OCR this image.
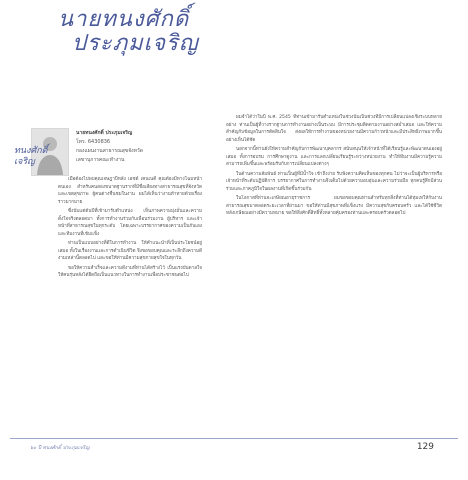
นายทนงศักดิ์
ประภุมเจริญ
ทนงศักดิ์
เจริญ
นายทนงศักดิ์ ประภุมเจริญ
โทร. 6430836
กองแผนงานสาธารณสุขจังหวัด
เลขานุการคณะทำงาน

เมื่อต้องไปพบคุณเจษฎาปีหลัง เอชด์ เคนเนดี้ คุณต้องมีทางโฉมหน้าตนเอง สำหรับคนสองขนาดฐานรากที่มีชื่อเสียงทางสาธารณสุขที่จังหวัดและเขตสุขภาพ ผู้คนต่างชื่นชมในงาน ผมได้เห็นว่างานท้าทายด้วยเรื่องราวมากมาย

ซึ่งนับแต่ต้นปีที่เข้ามารับตำแหน่ง เห็นภาพความมุ่งมั่นและความตั้งใจจริงตลอดมา ทั้งการทำงานร่วมกับเพื่อนร่วมงาน ผู้บริหาร และเจ้าหน้าที่สาธารณสุขในทุกระดับ โดยเฉพาะบรรยากาศของความเป็นกันเองและทีมงานที่เข้มแข็ง

ท่านเป็นแบบอย่างที่ดีในการทำงาน ให้คำแนะนำที่เป็นประโยชน์อยู่เสมอ ทั้งในเรื่องงานและการดำเนินชีวิต จึงขอขอบคุณและระลึกถึงความดีงามเหล่านี้ตลอดไป และขอให้ท่านมีความสุขกายสุขใจในทุกวัน

ขอให้ความสำเร็จและความดีงามที่ท่านได้สร้างไว้ เป็นแรงบันดาลใจให้คนรุ่นหลังได้ยึดถือเป็นแนวทางในการทำงานเพื่อประชาชนต่อไป

ผมจำได้ว่าในปี พ.ศ. 2545 ที่ท่านเข้ามารับตำแหน่งในช่วงนั้นเป็นช่วงที่มีการเปลี่ยนแปลงเชิงระบบหลายอย่าง ท่านเป็นผู้ที่วางรากฐานการทำงานอย่างเป็นระบบ มีการประชุมติดตามงานอย่างสม่ำเสมอ และให้ความสำคัญกับข้อมูลในการตัดสินใจ ส่งผลให้การทำงานของหน่วยงานมีความก้าวหน้าและมีประสิทธิภาพมากขึ้นอย่างเห็นได้ชัด

นอกจากนี้ท่านยังให้ความสำคัญกับการพัฒนาบุคลากร สนับสนุนให้เจ้าหน้าที่ได้เรียนรู้และพัฒนาตนเองอยู่เสมอ ทั้งการอบรม การศึกษาดูงาน และการแลกเปลี่ยนเรียนรู้ระหว่างหน่วยงาน ทำให้ทีมงานมีความรู้ความสามารถเพิ่มขึ้นและพร้อมรับกับการเปลี่ยนแปลงต่างๆ

ในด้านความสัมพันธ์ ท่านเป็นผู้ที่มีน้ำใจ เข้าถึงง่าย รับฟังความคิดเห็นของทุกคน ไม่ว่าจะเป็นผู้บริหารหรือเจ้าหน้าที่ระดับปฏิบัติการ บรรยากาศในการทำงานจึงเต็มไปด้วยความอบอุ่นและความร่วมมือ ทุกคนรู้สึกมีส่วนร่วมและภาคภูมิใจในผลงานที่เกิดขึ้นร่วมกัน

ในโอกาสที่ท่านจะเกษียณอายุราชการ ผมขอขอบคุณท่านสำหรับทุกสิ่งที่ท่านได้ทุ่มเทให้กับงานสาธารณสุขมาตลอดระยะเวลาที่ผ่านมา ขอให้ท่านมีสุขภาพที่แข็งแรง มีความสุขกับครอบครัว และได้ใช้ชีวิตหลังเกษียณอย่างมีความหมาย ขอให้สิ่งศักดิ์สิทธิ์ทั้งหลายคุ้มครองท่านและครอบครัวตลอดไป

๖๐ ปี ทนงศักดิ์ ประภุมเจริญ	129
